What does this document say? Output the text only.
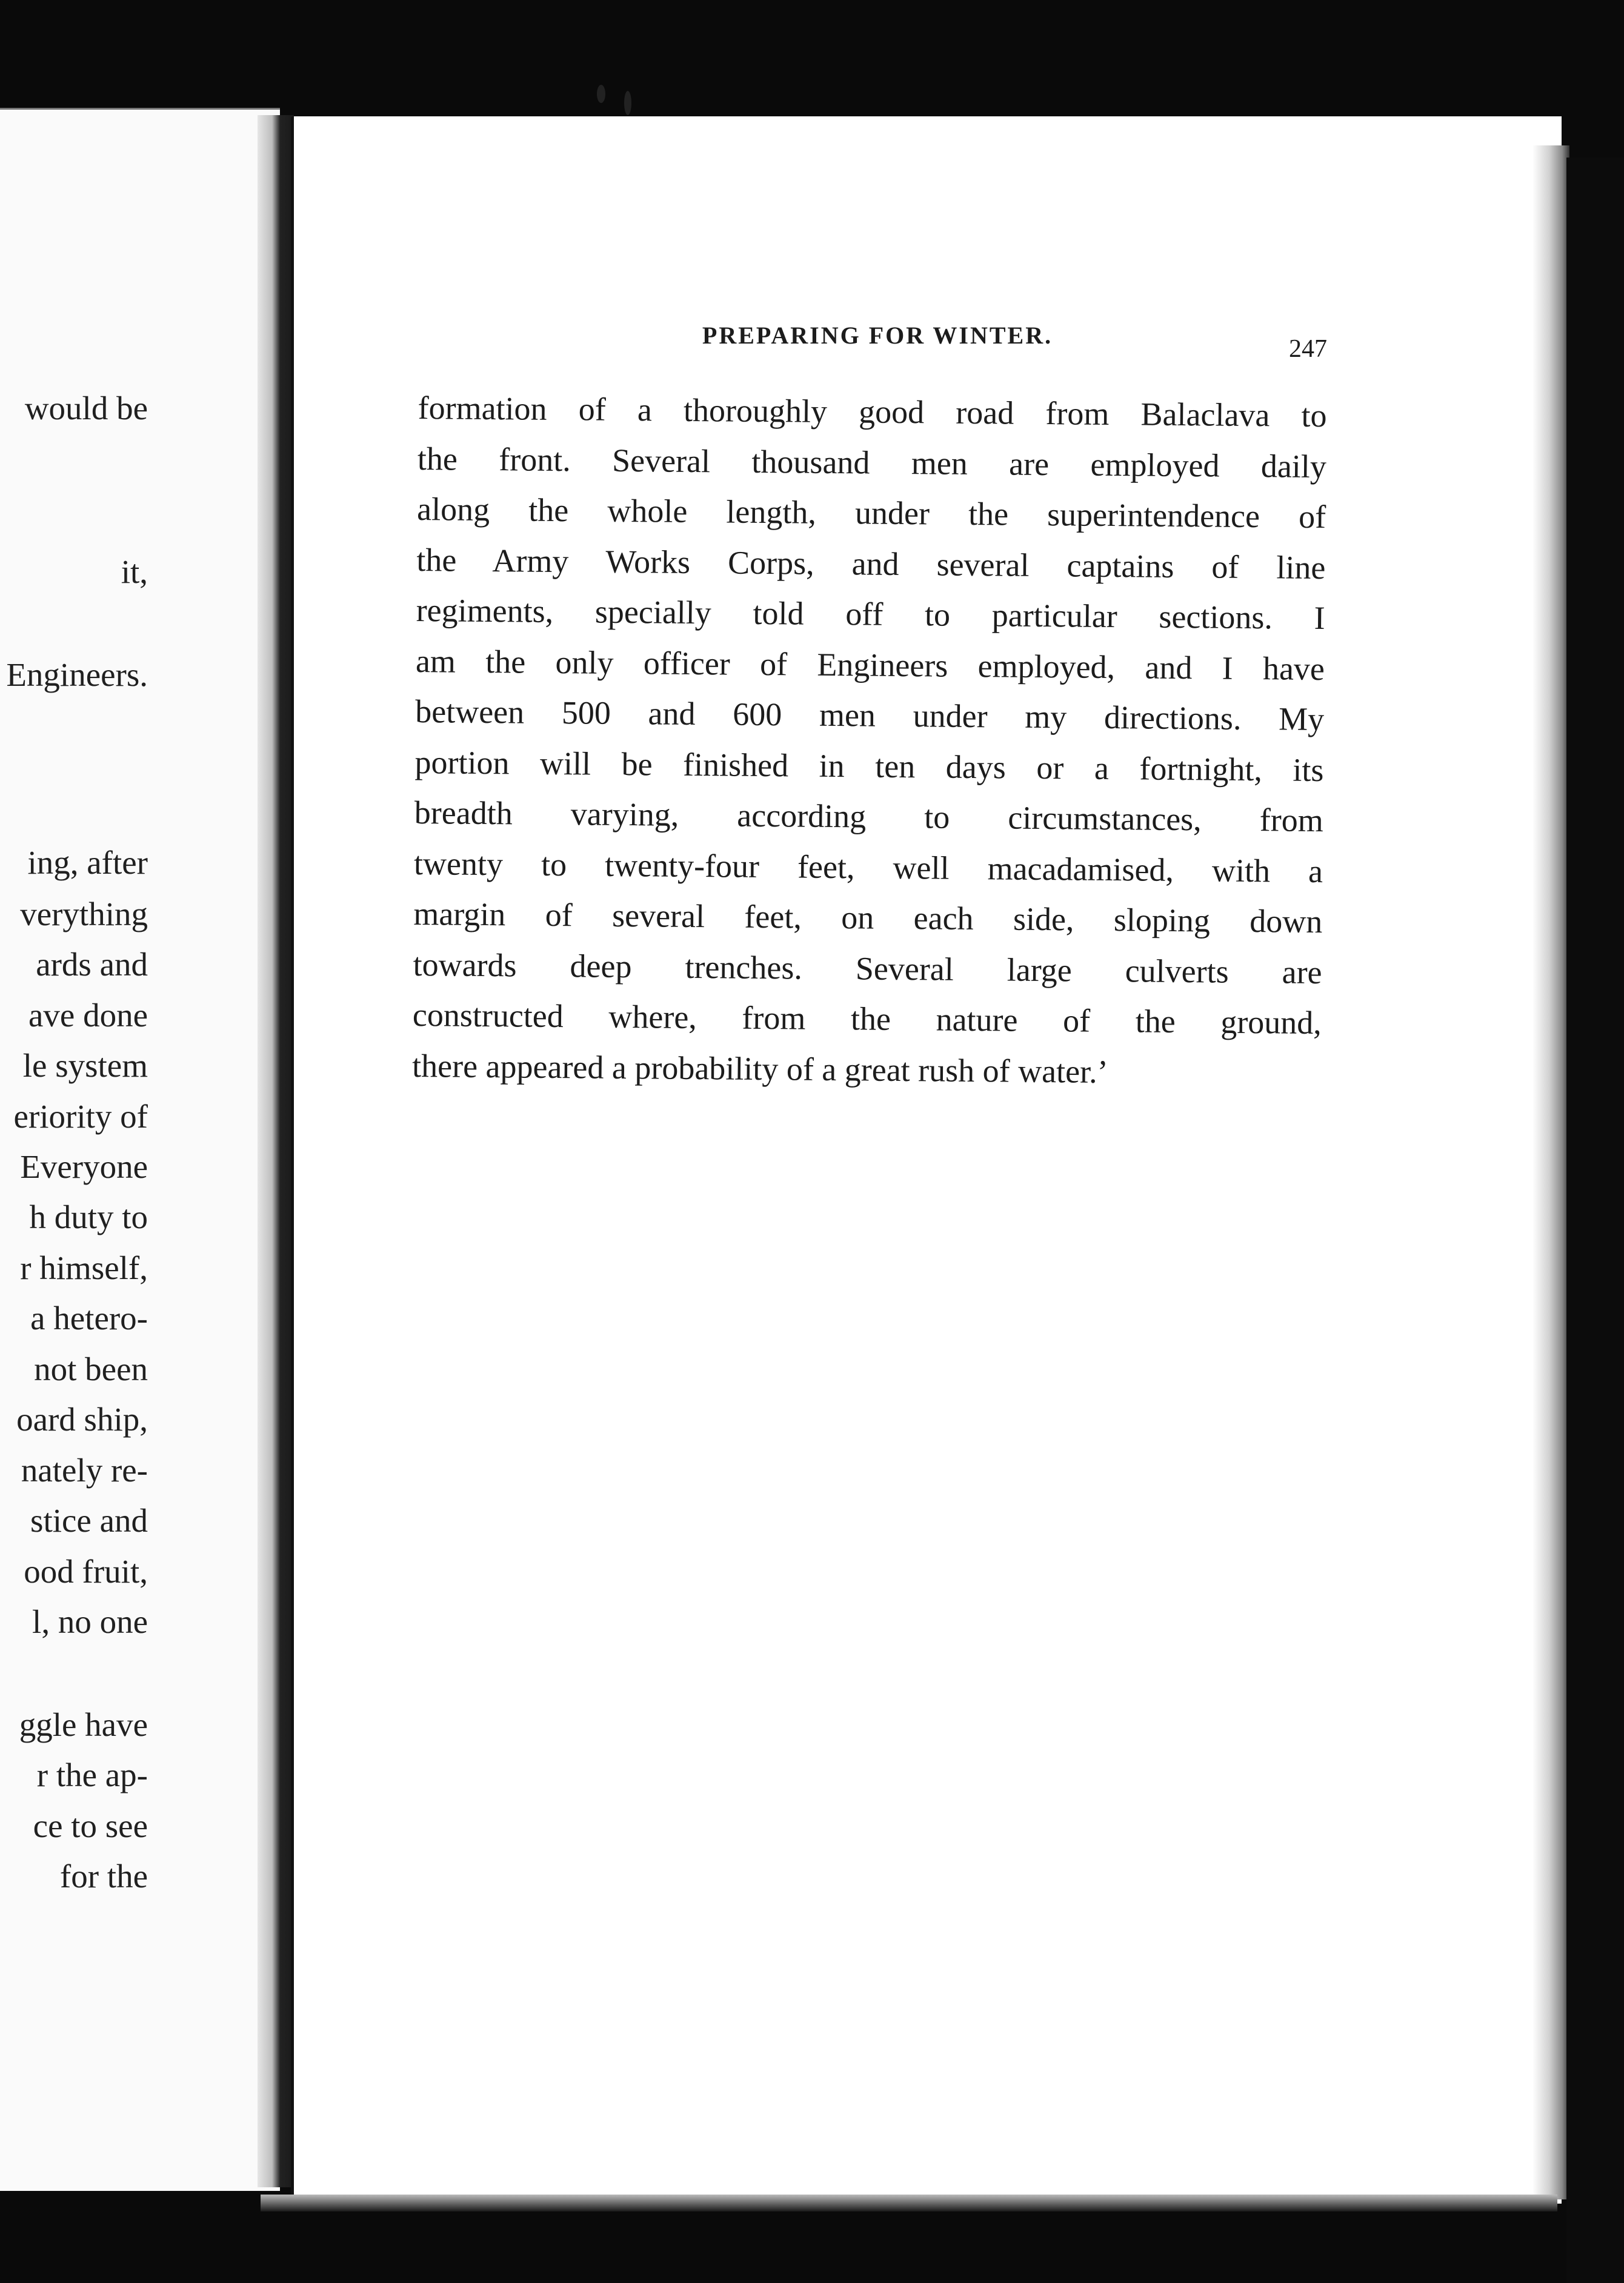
would be

it,

Engineers.

ing, after

verything

ards and

ave done

le system

eriority of

Everyone

h duty to

r himself,

a hetero-

not been

oard ship,

nately re-

stice and

ood fruit,

l, no one

ggle have

r the ap-

ce to see

for the

PREPARING FOR WINTER.	247

formation of a thoroughly good road from Balaclava to
the front. Several thousand men are employed daily
along the whole length, under the superintendence of
the Army Works Corps, and several captains of line
regiments, specially told off to particular sections. I
am the only officer of Engineers employed, and I have
between 500 and 600 men under my directions. My
portion will be finished in ten days or a fortnight, its
breadth varying, according to circumstances, from
twenty to twenty-four feet, well macadamised, with a
margin of several feet, on each side, sloping down
towards deep trenches. Several large culverts are
constructed where, from the nature of the ground,
there appeared a probability of a great rush of water.’
